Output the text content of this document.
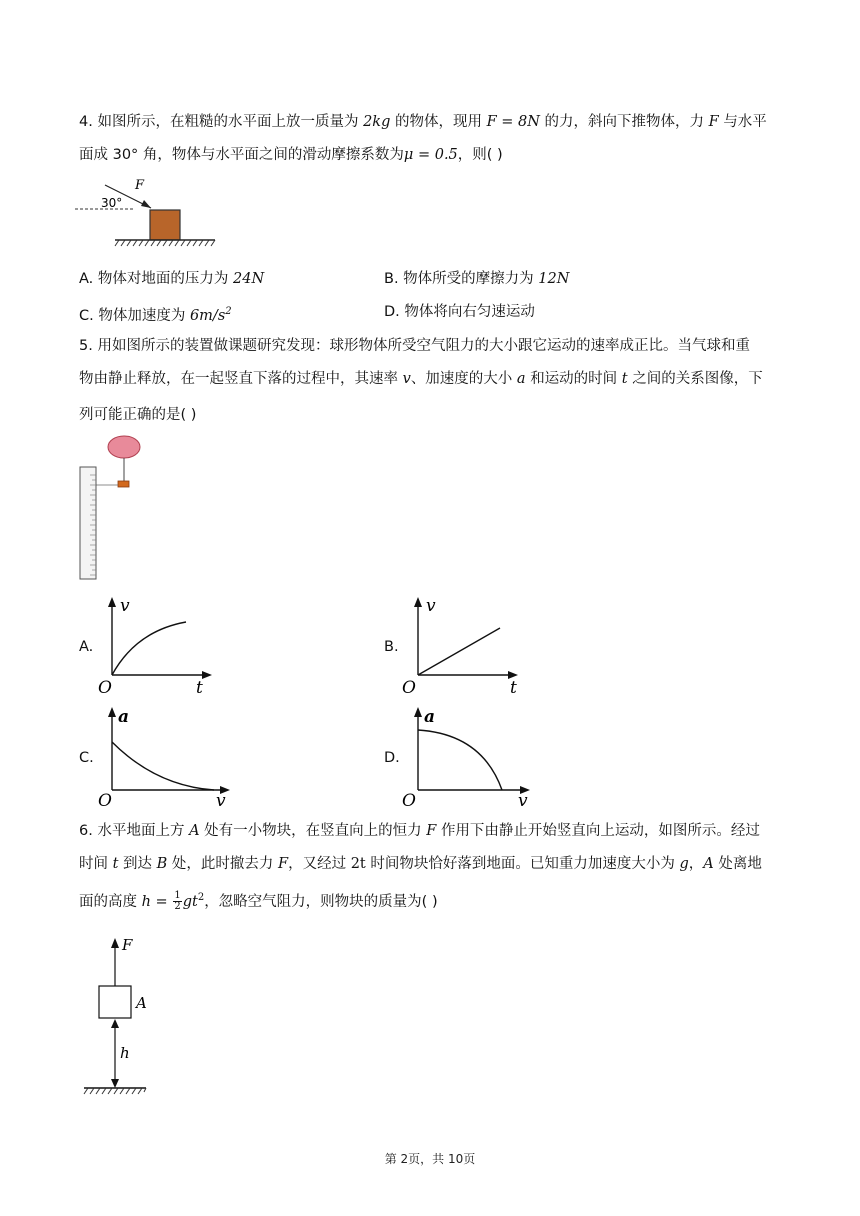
4. 如图所示，在粗糙的水平面上放一质量为 2kg 的物体，现用 F = 8N 的力，斜向下推物体，力 F 与水平
面成 30° 角，物体与水平面之间的滑动摩擦系数为μ = 0.5，则( )
F
30°
A. 物体对地面的压力为 24N	B. 物体所受的摩擦力为 12N
C. 物体加速度为 $6m/s^2$	D. 物体将向右匀速运动
5. 用如图所示的装置做课题研究发现：球形物体所受空气阻力的大小跟它运动的速率成正比。当气球和重
物由静止释放，在一起竖直下落的过程中，其速率 v、加速度的大小 a 和运动的时间 t 之间的关系图像，下
列可能正确的是( )
A.
v
t
O
B.
v
t
O
C.
a
v
O
D.
a
v
O
6. 水平地面上方 A 处有一小物块，在竖直向上的恒力 F 作用下由静止开始竖直向上运动，如图所示。经过
时间 t 到达 B 处，此时撤去力 F，又经过 2t 时间物块恰好落到地面。已知重力加速度大小为 g，A 处离地
面的高度 $h = \frac{1}{2} gt^2$，忽略空气阻力，则物块的质量为( )
F
A
h
第 2页，共 10页
